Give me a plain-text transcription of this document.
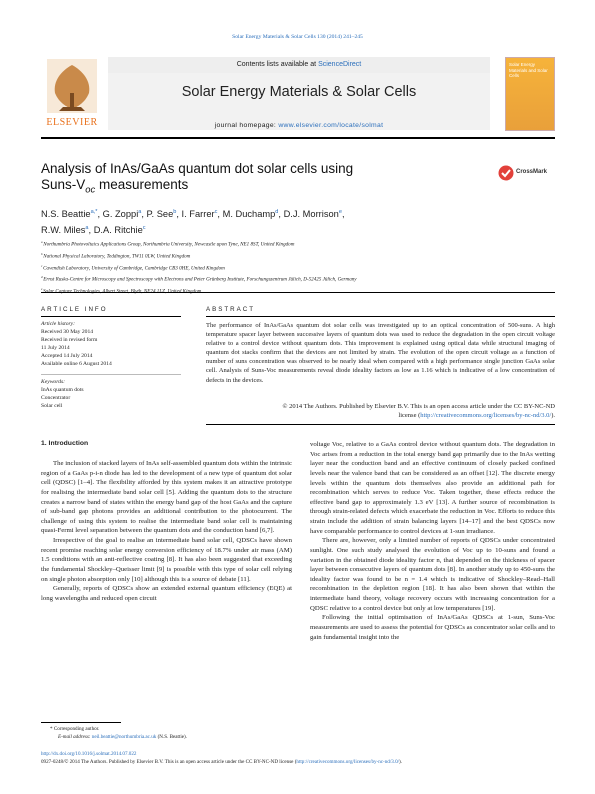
Solar Energy Materials & Solar Cells 130 (2014) 241–245
ELSEVIER
Contents lists available at ScienceDirect
Solar Energy Materials & Solar Cells
journal homepage: www.elsevier.com/locate/solmat
Solar Energy Materials and Solar Cells
Analysis of InAs/GaAs quantum dot solar cells using
Suns-$V_{oc}$ measurements
CrossMark
N.S. Beattie$^{a,*}$, G. Zoppi$^a$, P. See$^b$, I. Farrer$^c$, M. Duchamp$^d$, D.J. Morrison$^e$,
R.W. Miles$^a$, D.A. Ritchie$^c$
$^a$ Northumbria Photovoltaics Applications Group, Northumbria University, Newcastle upon Tyne, NE1 8ST, United Kingdom
$^b$ National Physical Laboratory, Teddington, TW11 0LW, United Kingdom
$^c$ Cavendish Laboratory, University of Cambridge, Cambridge CB3 0HE, United Kingdom
$^d$ Ernst Ruska-Centre for Microscopy and Spectroscopy with Electrons and Peter Grünberg Institute, Forschungszentrum Jülich, D-52425 Jülich, Germany
$^e$
ARTICLE INFO
Article history:
Received 30 May 2014
Received in revised form
11 July 2014
Accepted 14 July 2014
Available online 6 August 2014
Keywords:
InAs quantum dots
Concentrator
Solar cell
ABSTRACT
The performance of InAs/GaAs quantum dot solar cells was investigated up to an optical concentration of 500-suns. A high temperature spacer layer between successive layers of quantum dots was used to reduce the degradation in the open circuit voltage relative to a control device without quantum dots. This improvement is explained using optical data while structural imaging of quantum dot stacks confirm that the devices are not limited by strain. The evolution of the open circuit voltage as a function of number of suns concentration was observed to be nearly ideal when compared with a high performance single junction GaAs solar cell. Analysis of Suns-Voc measurements reveal diode ideality factors as low as 1.16 which is indicative of a low concentration of defects in the devices.
© 2014 The Authors. Published by Elsevier B.V. This is an open access article under the CC BY-NC-ND
license (http://creativecommons.org/licenses/by-nc-nd/3.0/).
1. Introduction

The inclusion of stacked layers of InAs self-assembled quantum dots within the intrinsic region of a GaAs p-i-n diode has led to the development of a new type of quantum dot solar cell (QDSC) [1–4]. The flexibility afforded by this system makes it an attractive prototype for realising the intermediate band solar cell [5]. Adding the quantum dots to the structure creates a narrow band of states within the energy band gap of the host GaAs and the capture of sub-band gap photons provides an additional contribution to the photocurrent. The challenge of using this system to realise the intermediate band solar cell is maintaining quasi-Fermi level separation between the quantum dots and the conduction band [6,7].

Irrespective of the goal to realise an intermediate band solar cell, QDSCs have shown recent promise reaching solar energy conversion efficiency of 18.7% under air mass (AM) 1.5 conditions with an anti-reflective coating [8]. It has also been suggested that exceeding the fundamental Shockley–Queisser limit [9] is possible with this type of solar cell relying on single photon absorption only [10] although this is a source of debate [11].

Generally, reports of QDSCs show an extended external quantum efficiency (EQE) at long wavelengths and reduced open circuit

voltage Voc, relative to a GaAs control device without quantum dots. The degradation in Voc arises from a reduction in the total energy band gap primarily due to the InAs wetting layer near the conduction band and an effective continuum of closely packed confined levels near the valence band that can be considered as an offset [12]. The discrete energy levels within the quantum dots themselves also provide an additional path for recombination which serves to reduce Voc. Taken together, these effects reduce the effective band gap to approximately 1.3 eV [13]. A further source of recombination is through strain-related defects which exacerbate the reduction in Voc. Efforts to reduce this strain include the addition of strain balancing layers [14–17] and the best QDSCs now have comparable performance to control devices at 1-sun irradiance.

There are, however, only a limited number of reports of QDSCs under concentrated sunlight. One such study analysed the evolution of Voc up to 10-suns and found a variation in the obtained diode ideality factor n, that depended on the thickness of spacer layer between consecutive layers of quantum dots [8]. In another study up to 450-suns the ideality factor was found to be n = 1.4 which is indicative of Shockley–Read–Hall recombination in the depletion region [18]. It has also been shown that within the intermediate band theory, voltage recovery occurs with increasing concentration for a QDSC relative to a control device but only at low temperatures [19].

Following the initial optimisation of InAs/GaAs QDSCs at 1-sun, Suns-Voc measurements are used to assess the potential for QDSCs as concentrator solar cells and to gain fundamental insight into the

* Corresponding author.
E-mail address: neil.beattie@northumbria.ac.uk (N.S. Beattie).
http://dx.doi.org/10.1016/j.solmat.2014.07.022
0927-0248/© 2014 The Authors. Published by Elsevier B.V. This is an open access article under the CC BY-NC-ND license (http://creativecommons.org/licenses/by-nc-nd/3.0/).
